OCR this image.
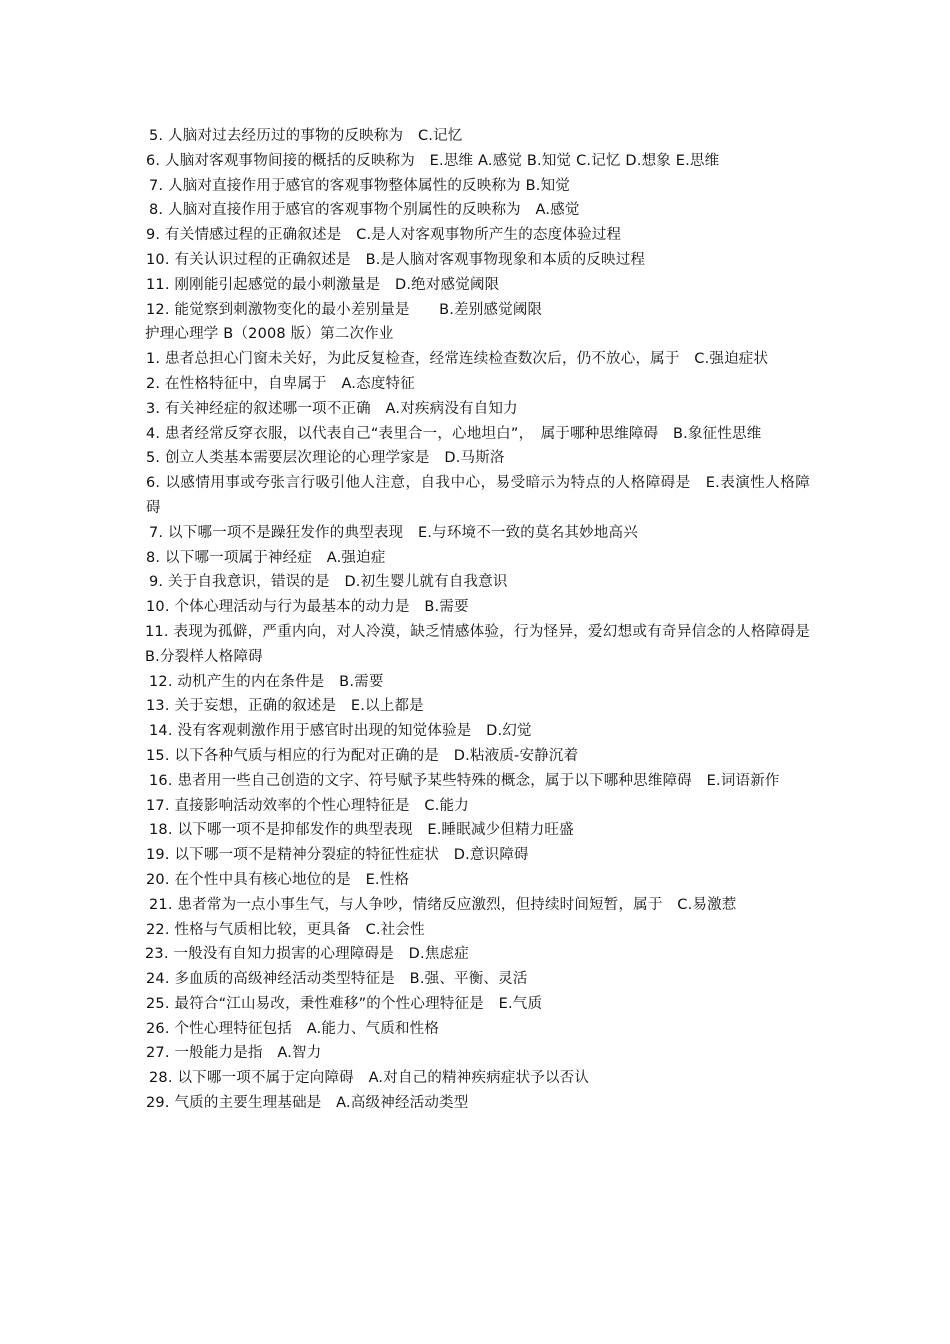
5. 人脑对过去经历过的事物的反映称为　C.记忆
6. 人脑对客观事物间接的概括的反映称为　E.思维 A.感觉 B.知觉 C.记忆 D.想象 E.思维
7. 人脑对直接作用于感官的客观事物整体属性的反映称为 B.知觉
8. 人脑对直接作用于感官的客观事物个别属性的反映称为　A.感觉
9. 有关情感过程的正确叙述是　C.是人对客观事物所产生的态度体验过程
10. 有关认识过程的正确叙述是　B.是人脑对客观事物现象和本质的反映过程
11. 刚刚能引起感觉的最小刺激量是　D.绝对感觉阈限
12. 能觉察到刺激物变化的最小差别量是　　B.差别感觉阈限
护理心理学 B（2008 版）第二次作业
1. 患者总担心门窗未关好，为此反复检查，经常连续检查数次后，仍不放心，属于　C.强迫症状
2. 在性格特征中，自卑属于　A.态度特征
3. 有关神经症的叙述哪一项不正确　A.对疾病没有自知力
4. 患者经常反穿衣服，以代表自己“表里合一，心地坦白”，　属于哪种思维障碍　B.象征性思维
5. 创立人类基本需要层次理论的心理学家是　D.马斯洛
6. 以感情用事或夸张言行吸引他人注意，自我中心，易受暗示为特点的人格障碍是　E.表演性人格障碍
7. 以下哪一项不是躁狂发作的典型表现　E.与环境不一致的莫名其妙地高兴
8. 以下哪一项属于神经症　A.强迫症
9. 关于自我意识，错误的是　D.初生婴儿就有自我意识
10. 个体心理活动与行为最基本的动力是　B.需要
11. 表现为孤僻，严重内向，对人冷漠，缺乏情感体验，行为怪异，爱幻想或有奇异信念的人格障碍是　B.分裂样人格障碍
12. 动机产生的内在条件是　B.需要
13. 关于妄想，正确的叙述是　E.以上都是
14. 没有客观刺激作用于感官时出现的知觉体验是　D.幻觉
15. 以下各种气质与相应的行为配对正确的是　D.粘液质-安静沉着
16. 患者用一些自己创造的文字、符号赋予某些特殊的概念，属于以下哪种思维障碍　E.词语新作
17. 直接影响活动效率的个性心理特征是　C.能力
18. 以下哪一项不是抑郁发作的典型表现　E.睡眠减少但精力旺盛
19. 以下哪一项不是精神分裂症的特征性症状　D.意识障碍
20. 在个性中具有核心地位的是　E.性格
21. 患者常为一点小事生气，与人争吵，情绪反应激烈，但持续时间短暂，属于　C.易激惹
22. 性格与气质相比较，更具备　C.社会性
23. 一般没有自知力损害的心理障碍是　D.焦虑症
24. 多血质的高级神经活动类型特征是　B.强、平衡、灵活
25. 最符合“江山易改，秉性难移”的个性心理特征是　E.气质
26. 个性心理特征包括　A.能力、气质和性格
27. 一般能力是指　A.智力
28. 以下哪一项不属于定向障碍　A.对自己的精神疾病症状予以否认
29. 气质的主要生理基础是　A.高级神经活动类型
